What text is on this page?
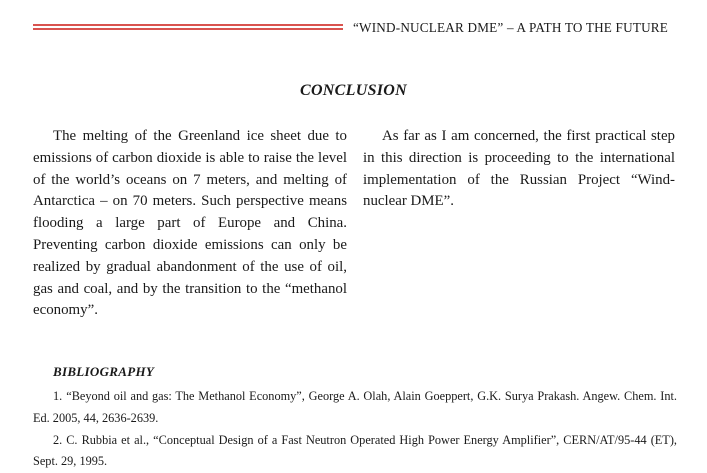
“WIND-NUCLEAR DME” – A PATH TO THE FUTURE
CONCLUSION

The melting of the Greenland ice sheet due to emissions of carbon dioxide is able to raise the level of the world’s oceans on 7 meters, and melting of Antarctica – on 70 meters. Such perspective means flooding a large part of Europe and China. Preventing carbon dioxide emissions can only be realized by gradual abandonment of the use of oil, gas and coal, and by the transition to the “methanol economy”.

As far as I am concerned, the first practical step in this direction is proceeding to the international implementation of the Russian Project “Wind-nuclear DME”.

BIBLIOGRAPHY
1. “Beyond oil and gas: The Methanol Economy”, George A. Olah, Alain Goeppert, G.K. Surya Prakash. Angew. Chem. Int. Ed. 2005, 44, 2636-2639.
2. C. Rubbia et al., “Conceptual Design of a Fast Neutron Operated High Power Energy Amplifier”, CERN/AT/95-44 (ET), Sept. 29, 1995.
